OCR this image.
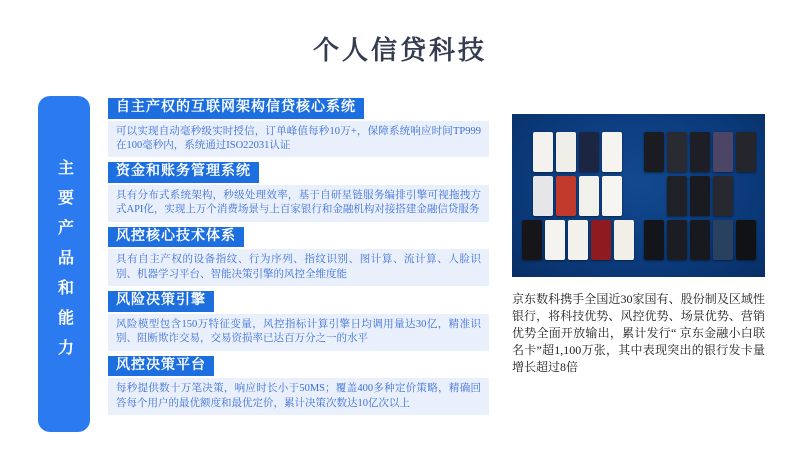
个人信贷科技
主要产品和能力
自主产权的互联网架构信贷核心系统
可以实现自动毫秒级实时授信，订单峰值每秒10万+，保障系统响应时间TP999在100毫秒内，系统通过ISO22031认证
资金和账务管理系统
具有分布式系统架构，秒级处理效率，基于自研星链服务编排引擎可视拖拽方式API化，实现上万个消费场景与上百家银行和金融机构对接搭建金融信贷服务
风控核心技术体系
具有自主产权的设备指纹、行为序列、指纹识别、图计算、流计算、人脸识别、机器学习平台、智能决策引擎的风控全维度能
风险决策引擎
风险模型包含150万特征变量，风控指标计算引擎日均调用量达30亿，精准识别、阻断欺诈交易，交易资损率已达百万分之一的水平
风控决策平台
每秒提供数十万笔决策，响应时长小于50MS；覆盖400多种定价策略，精确回答每个用户的最优额度和最优定价，累计决策次数达10亿次以上
京东数科携手全国近30家国有、股份制及区域性银行，将科技优势、风控优势、场景优势、营销优势全面开放输出，累计发行“ 京东金融小白联名卡”超1,100万张，其中表现突出的银行发卡量增长超过8倍
